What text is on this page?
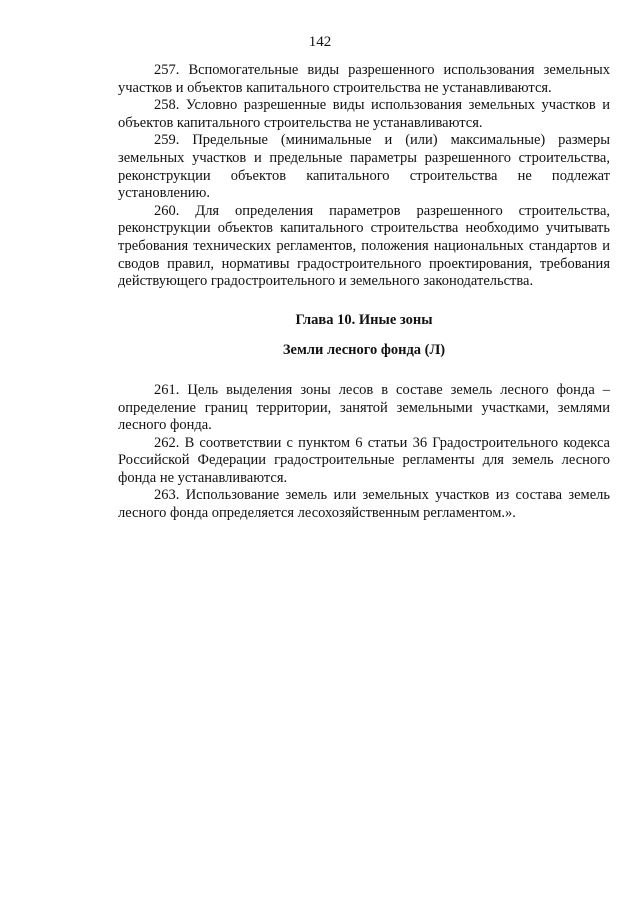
142

257. Вспомогательные виды разрешенного использования земельных участков и объектов капитального строительства не устанавливаются.

258. Условно разрешенные виды использования земельных участков и объектов капитального строительства не устанавливаются.

259. Предельные (минимальные и (или) максимальные) размеры земельных участков и предельные параметры разрешенного строительства, реконструкции объектов капитального строительства не подлежат установлению.

260. Для определения параметров разрешенного строительства, реконструкции объектов капитального строительства необходимо учитывать требования технических регламентов, положения национальных стандартов и сводов правил, нормативы градостроительного проектирования, требования действующего градостроительного и земельного законодательства.

Глава 10. Иные зоны

Земли лесного фонда (Л)

261. Цель выделения зоны лесов в составе земель лесного фонда – определение границ территории, занятой земельными участками, землями лесного фонда.

262. В соответствии с пунктом 6 статьи 36 Градостроительного кодекса Российской Федерации градостроительные регламенты для земель лесного фонда не устанавливаются.

263. Использование земель или земельных участков из состава земель лесного фонда определяется лесохозяйственным регламентом.».
